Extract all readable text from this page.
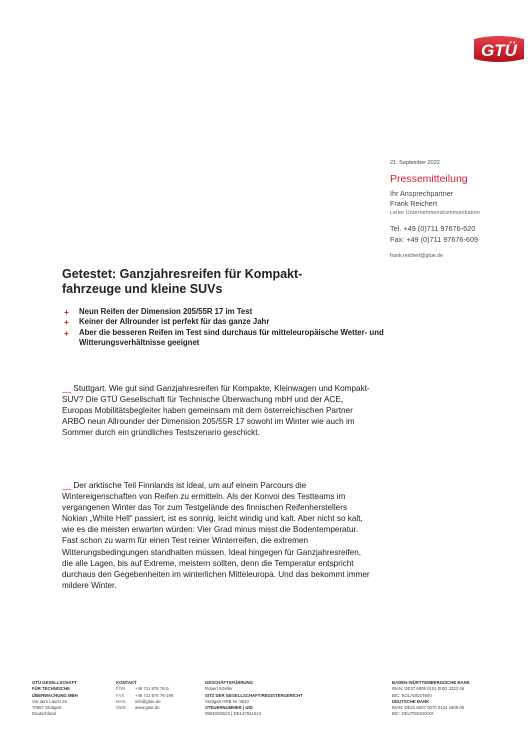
GTÜ
21. September 2022
Pressemitteilung
Ihr Ansprechpartner
Frank Reichert
Leiter Unternehmenskommunikation
Tel. +49 (0)711 97676-620
Fax: +49 (0)711 97676-609
frank.reichert@gtue.de
Getestet: Ganzjahresreifen für Kompakt-
fahrzeuge und kleine SUVs
+ Neun Reifen der Dimension 205/55R 17 im Test
+ Keiner der Allrounder ist perfekt für das ganze Jahr
+ Aber die besseren Reifen im Test sind durchaus für mitteleuropäische Wetter- und Witterungsverhältnisse geeignet
__ Stuttgart. Wie gut sind Ganzjahresreifen für Kompakte, Kleinwagen und Kompakt-SUV? Die GTÜ Gesellschaft für Technische Überwachung mbH und der ACE, Europas Mobilitätsbegleiter haben gemeinsam mit dem österreichischen Partner ARBÖ neun Allrounder der Dimension 205/55R 17 sowohl im Winter wie auch im Sommer durch ein gründliches Testszenario geschickt.
__ Der arktische Teil Finnlands ist ideal, um auf einem Parcours die Wintereigenschaften von Reifen zu ermitteln. Als der Konvoi des Testteams im vergangenen Winter das Tor zum Testgelände des finnischen Reifenherstellers Nokian „White Hell“ passiert, ist es sonnig, leicht windig und kalt. Aber nicht so kalt, wie es die meisten erwarten würden: Vier Grad minus misst die Bodentemperatur. Fast schon zu warm für einen Test reiner Winterreifen, die extremen Witterungsbedingungen standhalten müssen. Ideal hingegen für Ganzjahresreifen, die alle Lagen, bis auf Extreme, meistern sollten, denn die Temperatur entspricht durchaus den Gegebenheiten im winterlichen Mitteleuropa. Und das bekommt immer mildere Winter.
GTÜ GESELLSCHAFT
FÜR TECHNISCHE
ÜBERWACHUNG MBH
Vor dem Lauch 25
70567 Stuttgart
Deutschland
KONTAKT
FON	+49 711 976 76-0
FAX	+49 711 976 76-199
MAIL	info@gtue.de
WEB	www.gtue.de
GESCHÄFTSFÜHRUNG
Robert Köstler
SITZ DER GESELLSCHAFT/REGISTERGERICHT
Stuttgart HRB Nr. 9610
STEUERNUMMER | UID
99040/00522 | DE147841514
BADEN-WÜRTTEMBERGISCHE BANK
IBAN: DE37 6005 0101 0002 3223 46
BIC: SOLADEST600
DEUTSCHE BANK
IBAN: DE21 6007 0070 0134 1809 00
BIC: DEUTDESSXXX
